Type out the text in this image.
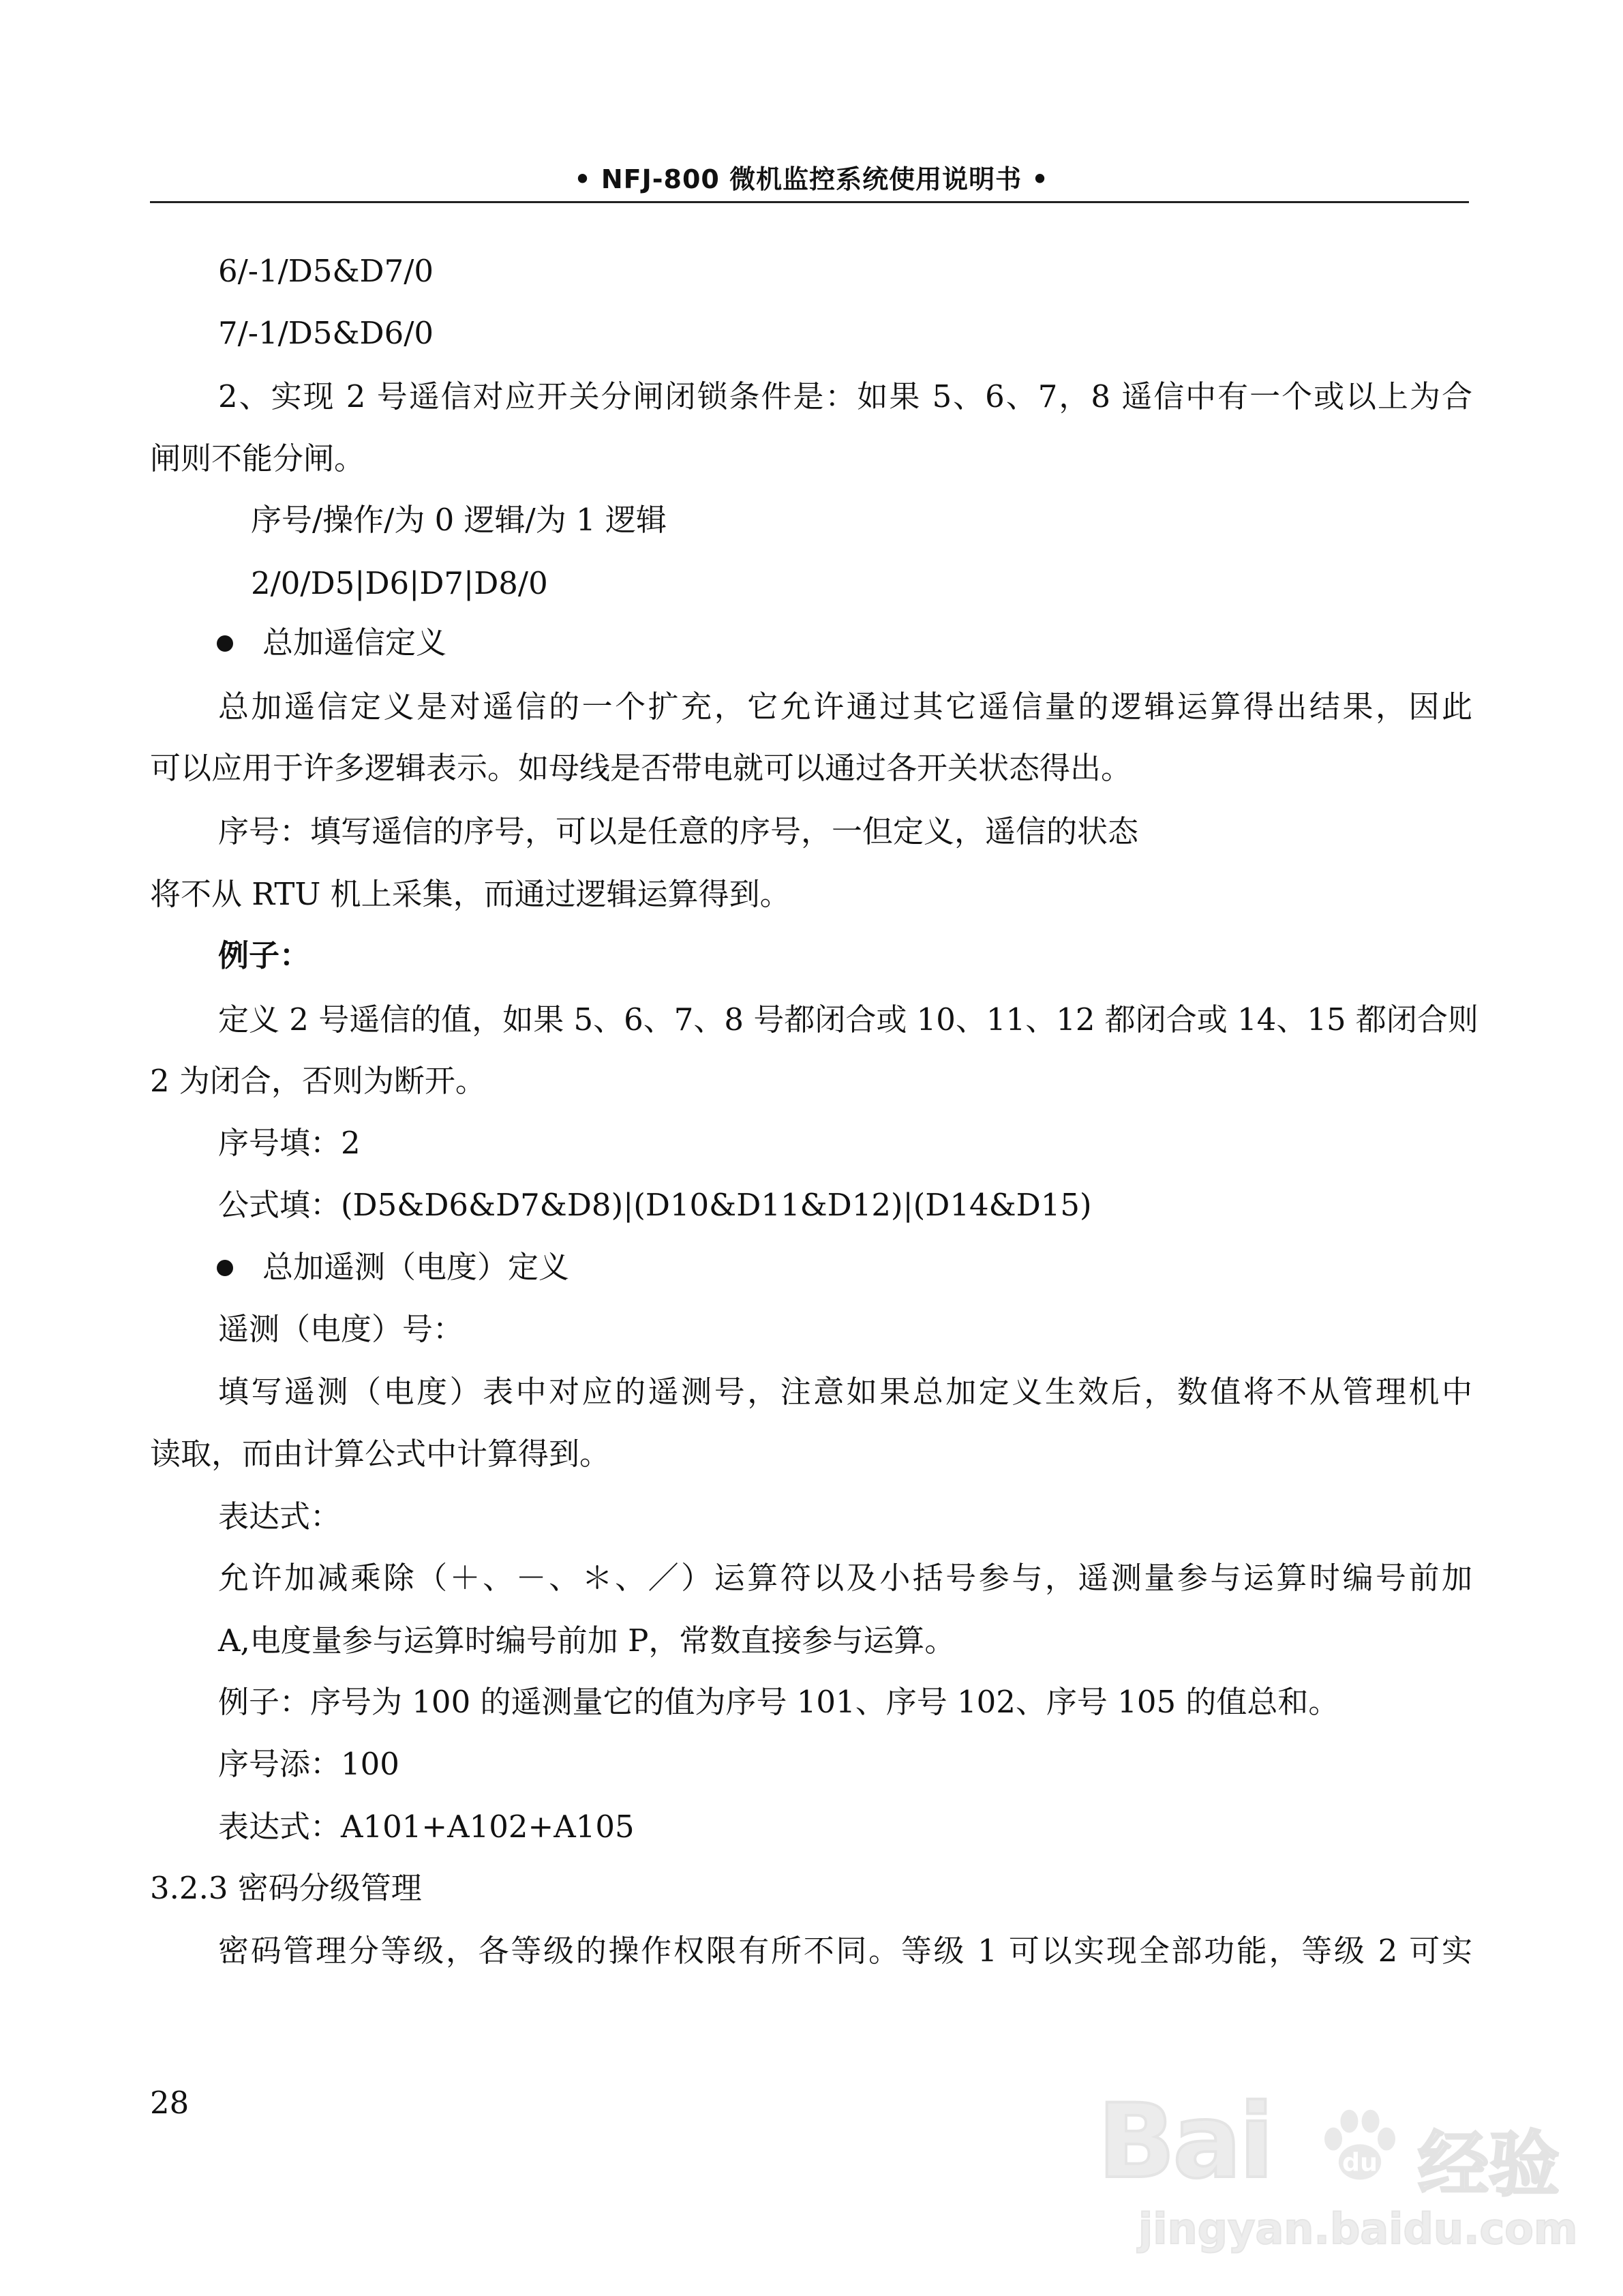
• NFJ-800 微机监控系统使用说明书 •
6/-1/D5&D7/0
7/-1/D5&D6/0
2、实现 2 号遥信对应开关分闸闭锁条件是：如果 5、6、7，8 遥信中有一个或以上为合
闸则不能分闸。
序号/操作/为 0 逻辑/为 1 逻辑
2/0/D5|D6|D7|D8/0
总加遥信定义
总加遥信定义是对遥信的一个扩充，它允许通过其它遥信量的逻辑运算得出结果，因此
可以应用于许多逻辑表示。如母线是否带电就可以通过各开关状态得出。
序号：填写遥信的序号，可以是任意的序号，一但定义，遥信的状态
将不从 RTU 机上采集，而通过逻辑运算得到。
例子：
定义 2 号遥信的值，如果 5、6、7、8 号都闭合或 10、11、12 都闭合或 14、15 都闭合则
2 为闭合，否则为断开。
序号填：2
公式填：(D5&D6&D7&D8)|(D10&D11&D12)|(D14&D15)
总加遥测（电度）定义
遥测（电度）号：
填写遥测（电度）表中对应的遥测号，注意如果总加定义生效后，数值将不从管理机中
读取，而由计算公式中计算得到。
表达式：
允许加减乘除（＋、－、＊、／）运算符以及小括号参与，遥测量参与运算时编号前加
A,电度量参与运算时编号前加 P，常数直接参与运算。
例子：序号为 100 的遥测量它的值为序号 101、序号 102、序号 105 的值总和。
序号添：100
表达式：A101+A102+A105
3.2.3 密码分级管理
密码管理分等级，各等级的操作权限有所不同。等级 1 可以实现全部功能，等级 2 可实
28	Bai	du 经验
jingyan.baidu.com
